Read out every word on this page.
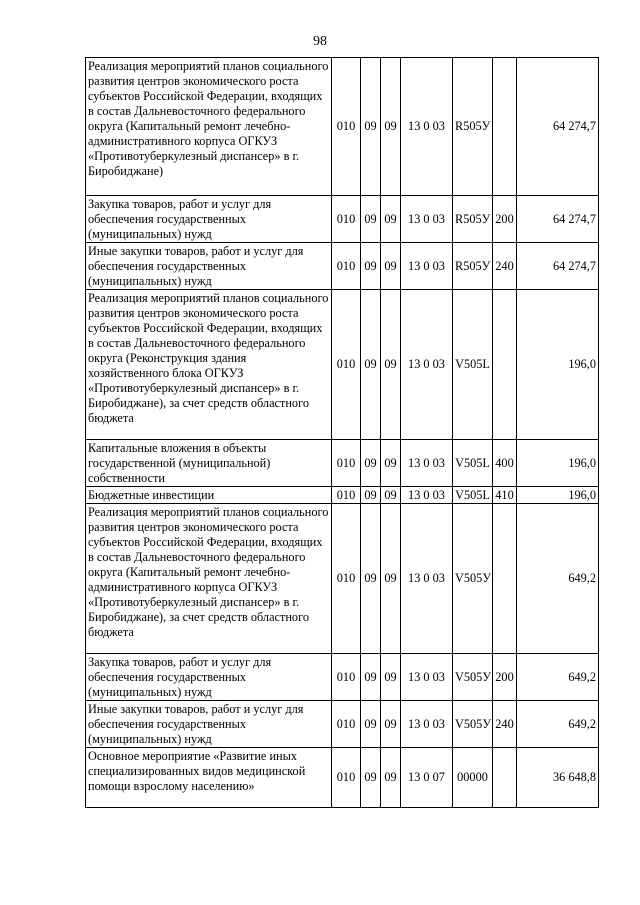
98
Реализация мероприятий планов социального развития центров экономического роста субъектов Российской Федерации, входящих в состав Дальневосточного федерального округа (Капитальный ремонт лечебно-административного корпуса ОГКУЗ «Противотуберкулезный диспансер» в г. Биробиджане)	010	09	09	13 0 03	R505У		64 274,7
Закупка товаров, работ и услуг для обеспечения государственных (муниципальных) нужд	010	09	09	13 0 03	R505У	200	64 274,7
Иные закупки товаров, работ и услуг для обеспечения государственных (муниципальных) нужд	010	09	09	13 0 03	R505У	240	64 274,7
Реализация мероприятий планов социального развития центров экономического роста субъектов Российской Федерации, входящих в состав Дальневосточного федерального округа (Реконструкция здания хозяйственного блока ОГКУЗ «Противотуберкулезный диспансер» в г. Биробиджане), за счет средств областного бюджета	010	09	09	13 0 03	V505L		196,0
Капитальные вложения в объекты государственной (муниципальной) собственности	010	09	09	13 0 03	V505L	400	196,0
Бюджетные инвестиции	010	09	09	13 0 03	V505L	410	196,0
Реализация мероприятий планов социального развития центров экономического роста субъектов Российской Федерации, входящих в состав Дальневосточного федерального округа (Капитальный ремонт лечебно-административного корпуса ОГКУЗ «Противотуберкулезный диспансер» в г. Биробиджане), за счет средств областного бюджета	010	09	09	13 0 03	V505У		649,2
Закупка товаров, работ и услуг для обеспечения государственных (муниципальных) нужд	010	09	09	13 0 03	V505У	200	649,2
Иные закупки товаров, работ и услуг для обеспечения государственных (муниципальных) нужд	010	09	09	13 0 03	V505У	240	649,2
Основное мероприятие «Развитие иных специализированных видов медицинской помощи взрослому населению»	010	09	09	13 0 07	00000		36 648,8
